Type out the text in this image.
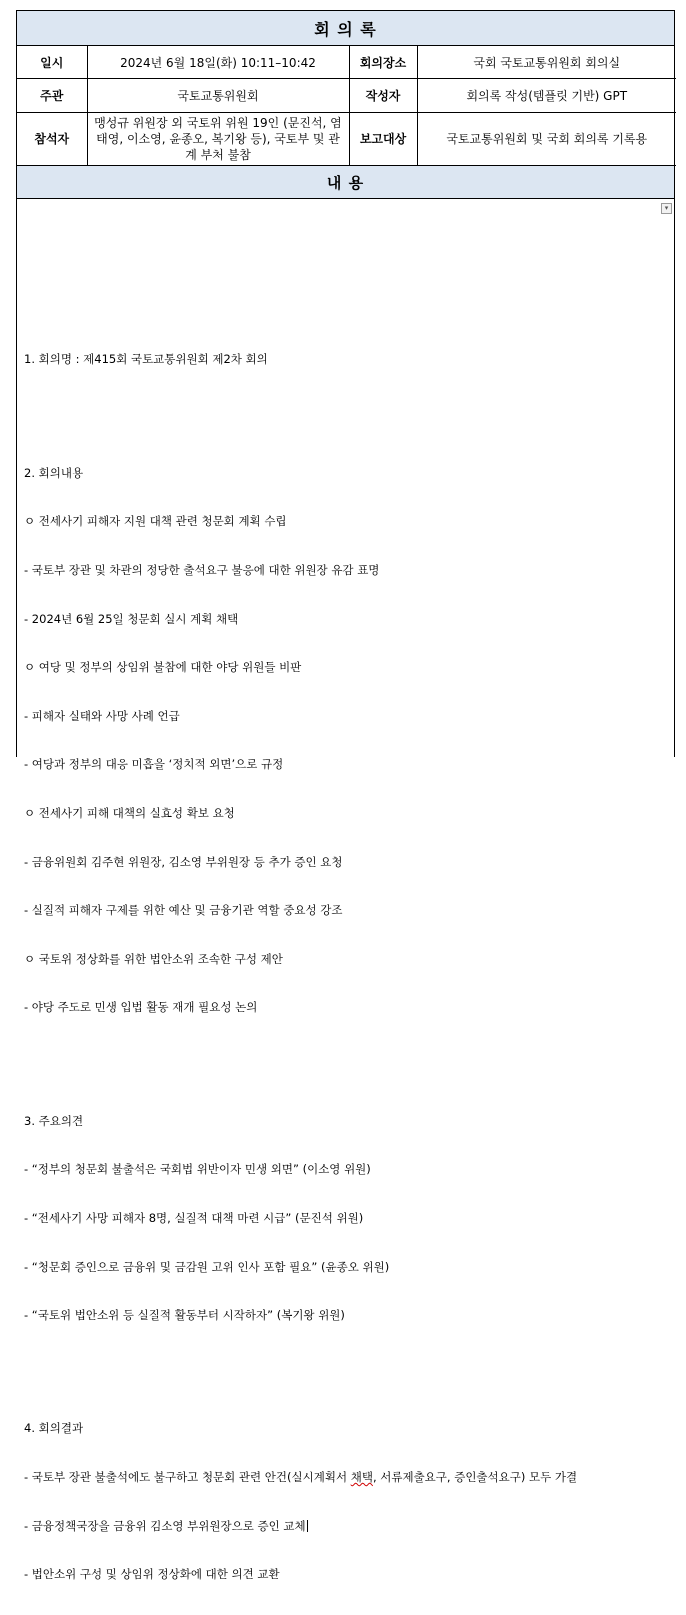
회 의 록
일시	2024년 6월 18일(화) 10:11–10:42	회의장소	국회 국토교통위원회 회의실
주관	국토교통위원회	작성자	회의록 작성(템플릿 기반) GPT
참석자	맹성규 위원장 외 국토위 위원 19인 (문진석, 염태영, 이소영, 윤종오, 복기왕 등), 국토부 및 관계 부처 불참	보고대상	국토교통위원회 및 국회 회의록 기록용
내 용
▾

1. 회의명 : 제415회 국토교통위원회 제2차 회의

2. 회의내용

ㅇ 전세사기 피해자 지원 대책 관련 청문회 계획 수립

- 국토부 장관 및 차관의 정당한 출석요구 불응에 대한 위원장 유감 표명

- 2024년 6월 25일 청문회 실시 계획 채택

ㅇ 여당 및 정부의 상임위 불참에 대한 야당 위원들 비판

- 피해자 실태와 사망 사례 언급

- 여당과 정부의 대응 미흡을 ‘정치적 외면’으로 규정

ㅇ 전세사기 피해 대책의 실효성 확보 요청

- 금융위원회 김주현 위원장, 김소영 부위원장 등 추가 증인 요청

- 실질적 피해자 구제를 위한 예산 및 금융기관 역할 중요성 강조

ㅇ 국토위 정상화를 위한 법안소위 조속한 구성 제안

- 야당 주도로 민생 입법 활동 재개 필요성 논의

3. 주요의견

- “정부의 청문회 불출석은 국회법 위반이자 민생 외면” (이소영 위원)

- “전세사기 사망 피해자 8명, 실질적 대책 마련 시급” (문진석 위원)

- “청문회 증인으로 금융위 및 금감원 고위 인사 포함 필요” (윤종오 위원)

- “국토위 법안소위 등 실질적 활동부터 시작하자” (복기왕 위원)

4. 회의결과

- 국토부 장관 불출석에도 불구하고 청문회 관련 안건(실시계획서 채택, 서류제출요구, 증인출석요구) 모두 가결

- 금융정책국장을 금융위 김소영 부위원장으로 증인 교체

- 법안소위 구성 및 상임위 정상화에 대한 의견 교환
